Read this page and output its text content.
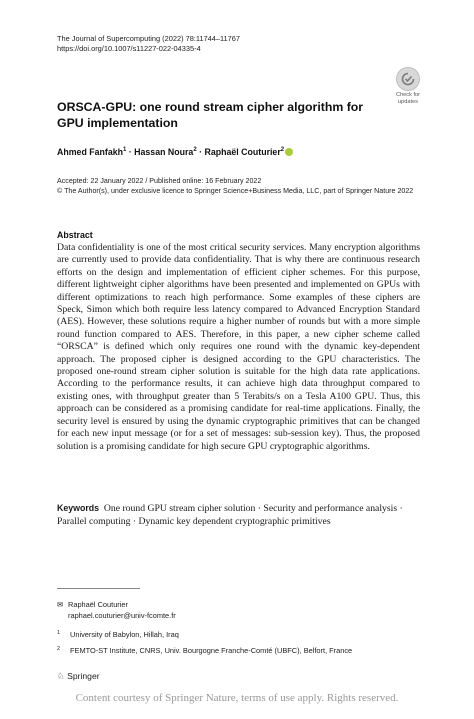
The Journal of Supercomputing (2022) 78:11744–11767
https://doi.org/10.1007/s11227-022-04335-4
Check for
updates
ORSCA-GPU: one round stream cipher algorithm for GPU implementation
Ahmed Fanfakh$^1$ · Hassan Noura$^2$ · Raphaël Couturier$^2$
Accepted: 22 January 2022 / Published online: 16 February 2022
© The Author(s), under exclusive licence to Springer Science+Business Media, LLC, part of Springer Nature 2022
Abstract
Data confidentiality is one of the most critical security services. Many encryption algorithms are currently used to provide data confidentiality. That is why there are continuous research efforts on the design and implementation of efficient cipher schemes. For this purpose, different lightweight cipher algorithms have been presented and implemented on GPUs with different optimizations to reach high performance. Some examples of these ciphers are Speck, Simon which both require less latency compared to Advanced Encryption Standard (AES). However, these solutions require a higher number of rounds but with a more simple round function compared to AES. Therefore, in this paper, a new cipher scheme called “ORSCA” is defined which only requires one round with the dynamic key-dependent approach. The proposed cipher is designed according to the GPU characteristics. The proposed one-round stream cipher solution is suitable for the high data rate applications. According to the performance results, it can achieve high data throughput compared to existing ones, with throughput greater than 5 Terabits/s on a Tesla A100 GPU. Thus, this approach can be considered as a promising candidate for real-time applications. Finally, the security level is ensured by using the dynamic cryptographic primitives that can be changed for each new input message (or for a set of messages: sub-session key). Thus, the proposed solution is a promising candidate for high secure GPU cryptographic algorithms.
Keywords One round GPU stream cipher solution · Security and performance analysis · Parallel computing · Dynamic key dependent cryptographic primitives
✉ Raphaël Couturier
raphael.couturier@univ-fcomte.fr
1 University of Babylon, Hillah, Iraq
2 FEMTO-ST Institute, CNRS, Univ. Bourgogne Franche-Comté (UBFC), Belfort, France
♘ Springer
Content courtesy of Springer Nature, terms of use apply. Rights reserved.
